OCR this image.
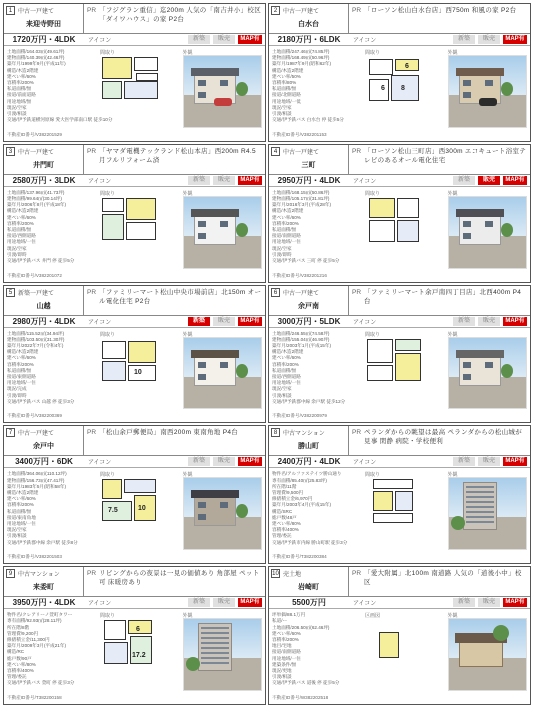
1 中古一戸建て
来迎寺野田
PR 「フジグラン重信」迄200m 人気の「南吉井小」校区「ダイワハウス」の家 P2台
1720万円・4LDK	アイコン	新築	販売	MAP有
土地面積/164.03㎡(49.61坪)
建物面積/140.39㎡(42.46坪)
築年月/1999年9月(平成11年)
構造/木造2階建
建ぺい率/60%
容積率/200%
私道面積/無
接道/前面道路
用途地域/無
現況/空家
引渡/相談
交通/伊予鉄道横河原線 愛大医学部南口駅 徒歩10分
間取り	外観
不動産ID番号/V382201529
2 中古一戸建て
白水台
PR 「ローソン松山白水台店」西750m 和風の家 P2台
2180万円・6LDK	アイコン	新築	販売	MAP有
土地面積/247.46㎡(74.85坪)
建物面積/168.49㎡(50.96坪)
築年月/1987年9月(昭和62年)
構造/木造2階建
建ぺい率/50%
容積率/80%
私道面積/無
接道/北側道路
用途地域/一低
現況/空家
引渡/相談
交通/伊予鉄バス 白水台 停 徒歩5分
間取り
6 8
6
外観
不動産ID番号/V382201153
3 中古一戸建て
井門町
PR 「ヤマダ電機テックランド松山本店」西200m R4.5月フルリフォーム済
2580万円・3LDK	アイコン	新築	販売	MAP有
土地面積/137.96㎡(41.73坪)
建物面積/99.64㎡(30.14坪)
築年月/2006年8月(平成18年)
構造/木造2階建
建ぺい率/60%
容積率/200%
私道面積/無
接道/西側道路
用途地域/一住
現況/空家
引渡/即時
交通/伊予鉄バス 井門 停 徒歩5分
間取り	外観
不動産ID番号/V382201072
4 中古一戸建て
三町
PR 「ローソン松山三町店」西300m エコキュート浴室テレビのあるオール電化住宅
2950万円・4LDK	アイコン	新築	販売	MAP有
土地面積/168.15㎡(50.86坪)
建物面積/105.17㎡(31.81坪)
築年月/2016年3月(平成28年)
構造/木造2階建
建ぺい率/60%
容積率/200%
私道面積/無
接道/南側道路
用途地域/一住
現況/空家
引渡/即時
交通/伊予鉄バス 三町 停 徒歩5分
間取り	外観
不動産ID番号/V382201216
5 新築一戸建て
山越
PR 「ファミリーマート松山中央市場前店」北150m オール電化住宅 P2台
2980万円・4LDK	アイコン	新築	販売	MAP有
土地面積/115.52㎡(34.94坪)
建物面積/103.50㎡(31.30坪)
築年月/2022年7月(令和4年)
構造/木造2階建
建ぺい率/60%
容積率/200%
私道面積/無
接道/東側道路
用途地域/一住
現況/完成
引渡/即時
交通/伊予鉄バス 山越 停 徒歩3分
間取り
10
外観
不動産ID番号/V382200369
6 中古一戸建て
余戸南
PR 「ファミリーマート余戸南四丁目店」北西400m P4台
3000万円・5LDK	アイコン	新築	販売	MAP有
土地面積/246.55㎡(74.58坪)
建物面積/155.04㎡(46.90坪)
築年月/2003年1月(平成15年)
構造/木造2階建
建ぺい率/60%
容積率/200%
私道面積/無
接道/西側道路
用途地域/一住
現況/空家
引渡/相談
交通/伊予鉄郡中線 余戸駅 徒歩12分
間取り	外観
不動産ID番号/V382200979
7 中古一戸建て
余戸中
PR 「松山余戸郵便局」南西200m 東南角地 P4台
3400万円・6DK	アイコン	新築	販売	MAP有
土地面積/364.06㎡(110.12坪)
建物面積/156.73㎡(47.41坪)
築年月/1983年5月(昭和58年)
構造/木造2階建
建ぺい率/60%
容積率/200%
私道面積/無
接道/東南角地
用途地域/一住
現況/空家
引渡/相談
交通/伊予鉄郡中線 余戸駅 徒歩8分
間取り
7.5	10
外観
不動産ID番号/V382201503
8 中古マンション
勝山町
PR ペランダからの眺望は最高 ペランダからの松山城が見事 閑静 病院・学校便利
2400万円・4LDK	アイコン	新築	販売	MAP有
物件名/アルファステイツ勝山通り
専有面積/85.40㎡(25.83坪)
所在階/11階
管理費/9,500円
修繕積立金/6,970円
築年月/2003年4月(平成15年)
構造/SRC
総戸数/48戸
建ぺい率/80%
容積率/400%
管理/委託
交通/伊予鉄市内線 勝山町駅 徒歩3分
間取り	外観
不動産ID番号/T382200384
9 中古マンション
来委町
PR リビングからの夜景は一見の価値あり 角部屋 ペット可 床暖房あり
3950万円・4LDK	アイコン	新築	販売	MAP有
物件名/クレアリーノ萱町タワー
専有面積/92.93㎡(28.11坪)
所在階/8階
管理費/9,200円
修繕積立金/11,300円
築年月/2009年3月(平成21年)
構造/RC
総戸数/90戸
建ぺい率/80%
容積率/400%
管理/委託
交通/伊予鉄バス 萱町 停 徒歩3分
間取り
6
17.2
外観
不動産ID番号/T382200158
10 売土地
岩崎町
PR 「愛大附属」北100m 南道路 人気の「道後小中」校区
5500万円	アイコン	新築	販売	MAP有
坪単価/88.1万円
私道/ー
土地面積/206.50㎡(62.46坪)
建ぺい率/60%
容積率/200%
地目/宅地
接道/南側道路
用途地域/一住
建築条件/無
現況/更地
引渡/相談
交通/伊予鉄バス 道後 停 徒歩5分
区画図	外観
不動産ID番号/W382202518
